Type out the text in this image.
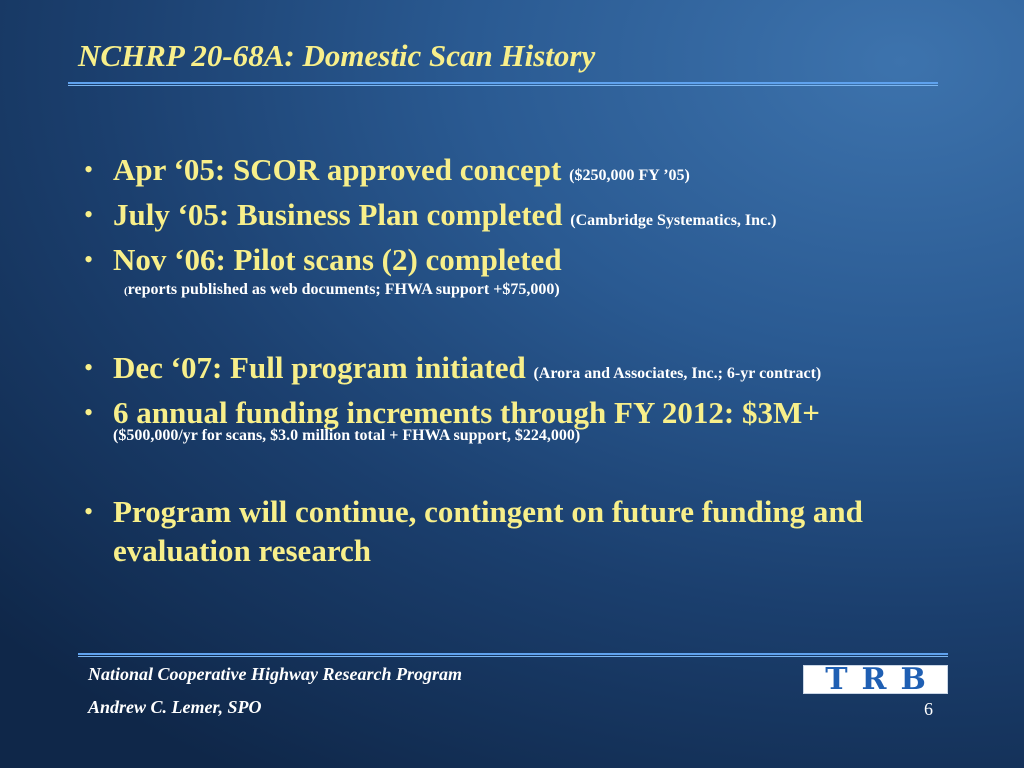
NCHRP 20-68A: Domestic Scan History
• Apr ‘05: SCOR approved concept ($250,000 FY ’05)
• July ‘05: Business Plan completed (Cambridge Systematics, Inc.)
• Nov ‘06: Pilot scans (2) completed
(reports published as web documents; FHWA support +$75,000)
• Dec ‘07: Full program initiated (Arora and Associates, Inc.; 6-yr contract)
• 6 annual funding increments through FY 2012: $3M+
($500,000/yr for scans, $3.0 million total + FHWA support, $224,000)
• Program will continue, contingent on future funding and evaluation research
National Cooperative Highway Research Program
Andrew C. Lemer, SPO
TRB
6
